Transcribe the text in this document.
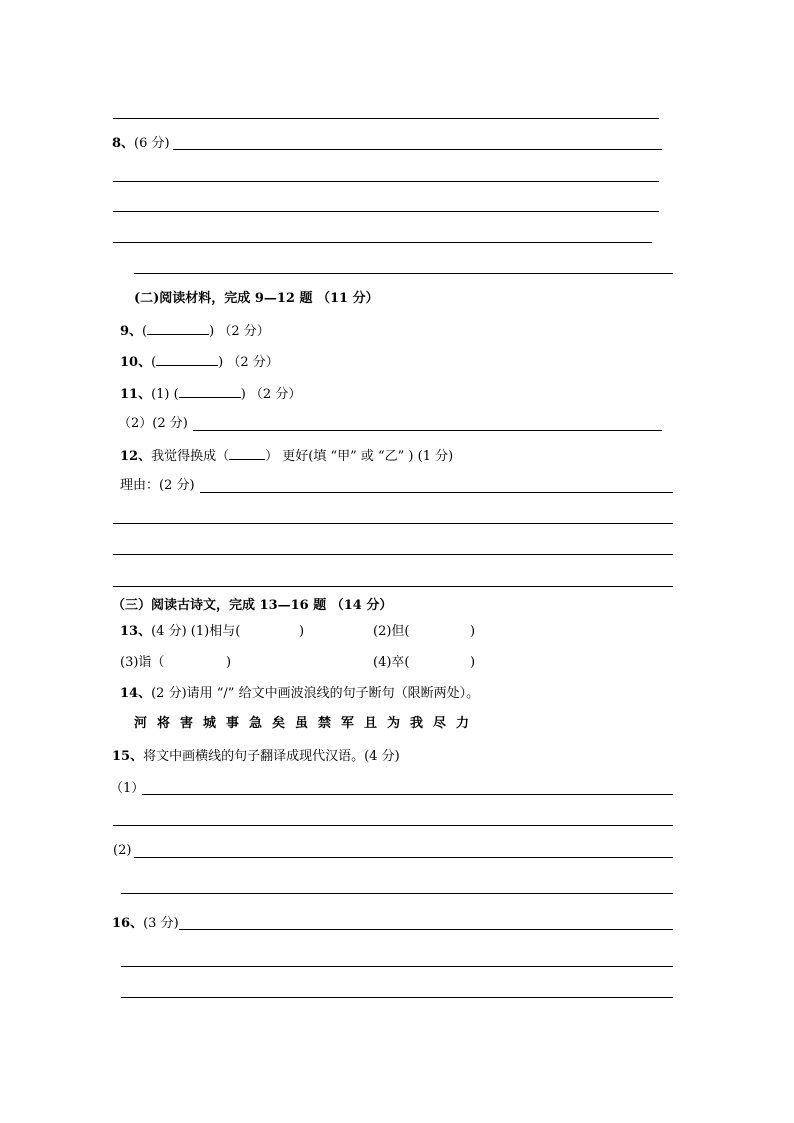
8、(6 分)
(二)阅读材料，完成 9—12 题 （11 分）
9、(	) （2 分）
10、(	) （2 分）
11、(1) (	) （2 分）
（2）(2 分)
12、我觉得换成（	） 更好(填 “甲” 或 “乙” ) (1 分)
理由：(2 分)
（三）阅读古诗文，完成 13—16 题 （14 分）
13、(4 分) (1)相与(	)	(2)但(	)
(3)诣（	)	(4)卒(	)
14、(2 分)请用 “/” 给文中画波浪线的句子断句（限断两处）。
河将害城事急矣虽禁军且为我尽力
15、将文中画横线的句子翻译成现代汉语。(4 分)
（1）
(2)
16、(3 分)
